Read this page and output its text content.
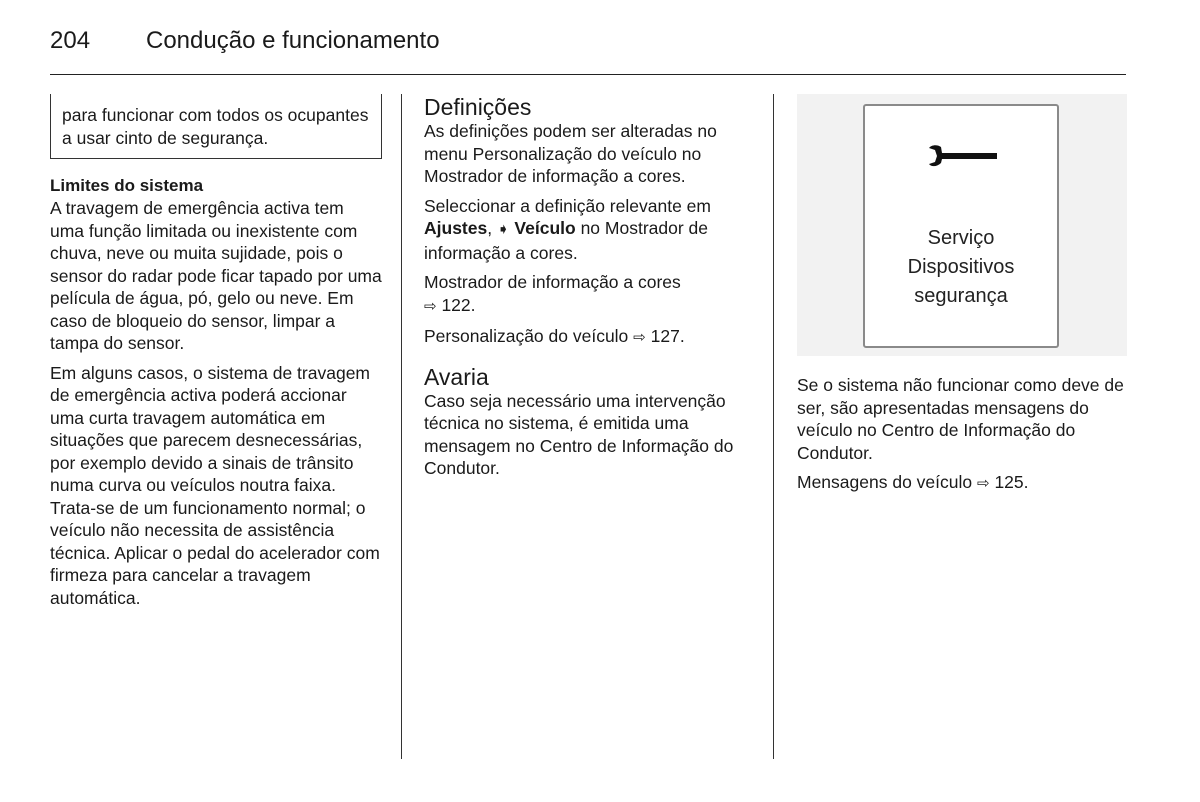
204 Condução e funcionamento
para funcionar com todos os ocupantes a usar cinto de segurança.
Limites do sistema

A travagem de emergência activa tem uma função limitada ou inexistente com chuva, neve ou muita sujidade, pois o sensor do radar pode ficar tapado por uma película de água, pó, gelo ou neve. Em caso de bloqueio do sensor, limpar a tampa do sensor.

Em alguns casos, o sistema de travagem de emergência activa poderá accionar uma curta travagem automática em situações que parecem desnecessárias, por exemplo devido a sinais de trânsito numa curva ou veículos noutra faixa. Trata-se de um funcionamento normal; o veículo não necessita de assistência técnica. Aplicar o pedal do acelerador com firmeza para cancelar a travagem automática.

Definições

As definições podem ser alteradas no menu Personalização do veículo no Mostrador de informação a cores.

Seleccionar a definição relevante em Ajustes, ➧ Veículo no Mostrador de informação a cores.

Mostrador de informação a cores
⇨ 122.

Personalização do veículo ⇨ 127.

Avaria

Caso seja necessário uma intervenção técnica no sistema, é emitida uma mensagem no Centro de Informação do Condutor.

Serviço
Dispositivos
segurança

Se o sistema não funcionar como deve de ser, são apresentadas mensagens do veículo no Centro de Informação do Condutor.

Mensagens do veículo ⇨ 125.
